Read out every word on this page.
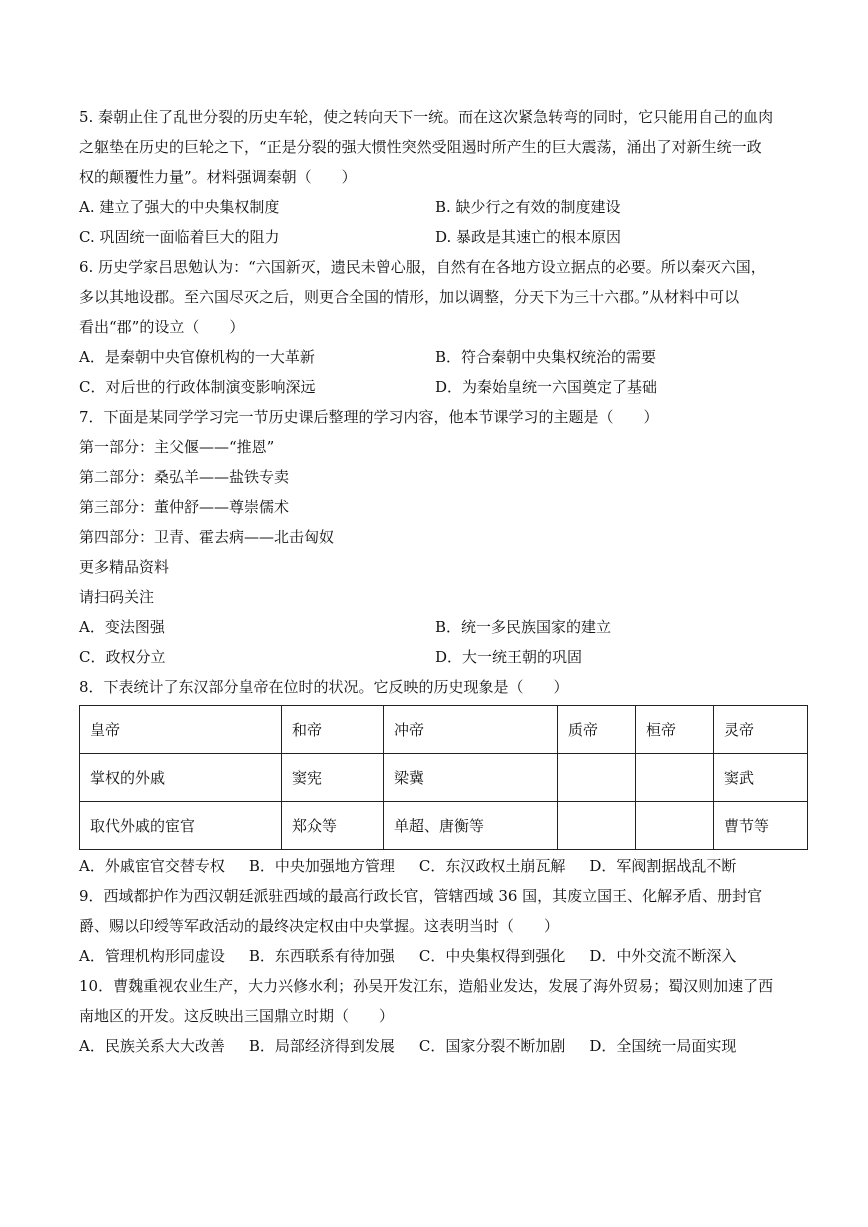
5. 秦朝止住了乱世分裂的历史车轮，使之转向天下一统。而在这次紧急转弯的同时，它只能用自己的血肉
之躯垫在历史的巨轮之下，“正是分裂的强大惯性突然受阻遏时所产生的巨大震荡，涌出了对新生统一政
权的颠覆性力量”。材料强调秦朝（　　）
A. 建立了强大的中央集权制度	B. 缺少行之有效的制度建设
C. 巩固统一面临着巨大的阻力	D. 暴政是其速亡的根本原因
6. 历史学家吕思勉认为：“六国新灭，遗民未曾心服，自然有在各地方设立据点的必要。所以秦灭六国，
多以其地设郡。至六国尽灭之后，则更合全国的情形，加以调整，分天下为三十六郡。”从材料中可以
看出“郡”的设立（　　）
A．是秦朝中央官僚机构的一大革新	B．符合秦朝中央集权统治的需要
C．对后世的行政体制演变影响深远	D．为秦始皇统一六国奠定了基础
7．下面是某同学学习完一节历史课后整理的学习内容，他本节课学习的主题是（　　）
第一部分：主父偃——“推恩”
第二部分：桑弘羊——盐铁专卖
第三部分：董仲舒——尊崇儒术
第四部分：卫青、霍去病——北击匈奴
更多精品资料
请扫码关注
A．变法图强	B．统一多民族国家的建立
C．政权分立	D．大一统王朝的巩固
8．下表统计了东汉部分皇帝在位时的状况。它反映的历史现象是（　　）
皇帝	和帝	冲帝	质帝	桓帝	灵帝
掌权的外戚	窦宪	梁冀			窦武
取代外戚的宦官	郑众等	单超、唐衡等			曹节等
A．外戚宦官交替专权 B．中央加强地方管理 C．东汉政权土崩瓦解 D．军阀割据战乱不断
9．西域都护作为西汉朝廷派驻西域的最高行政长官，管辖西域 36 国，其废立国王、化解矛盾、册封官
爵、赐以印绶等军政活动的最终决定权由中央掌握。这表明当时（　　）
A．管理机构形同虚设 B．东西联系有待加强 C．中央集权得到强化 D．中外交流不断深入
10．曹魏重视农业生产，大力兴修水利；孙吴开发江东，造船业发达，发展了海外贸易；蜀汉则加速了西
南地区的开发。这反映出三国鼎立时期（　　）
A．民族关系大大改善 B．局部经济得到发展 C．国家分裂不断加剧 D．全国统一局面实现
